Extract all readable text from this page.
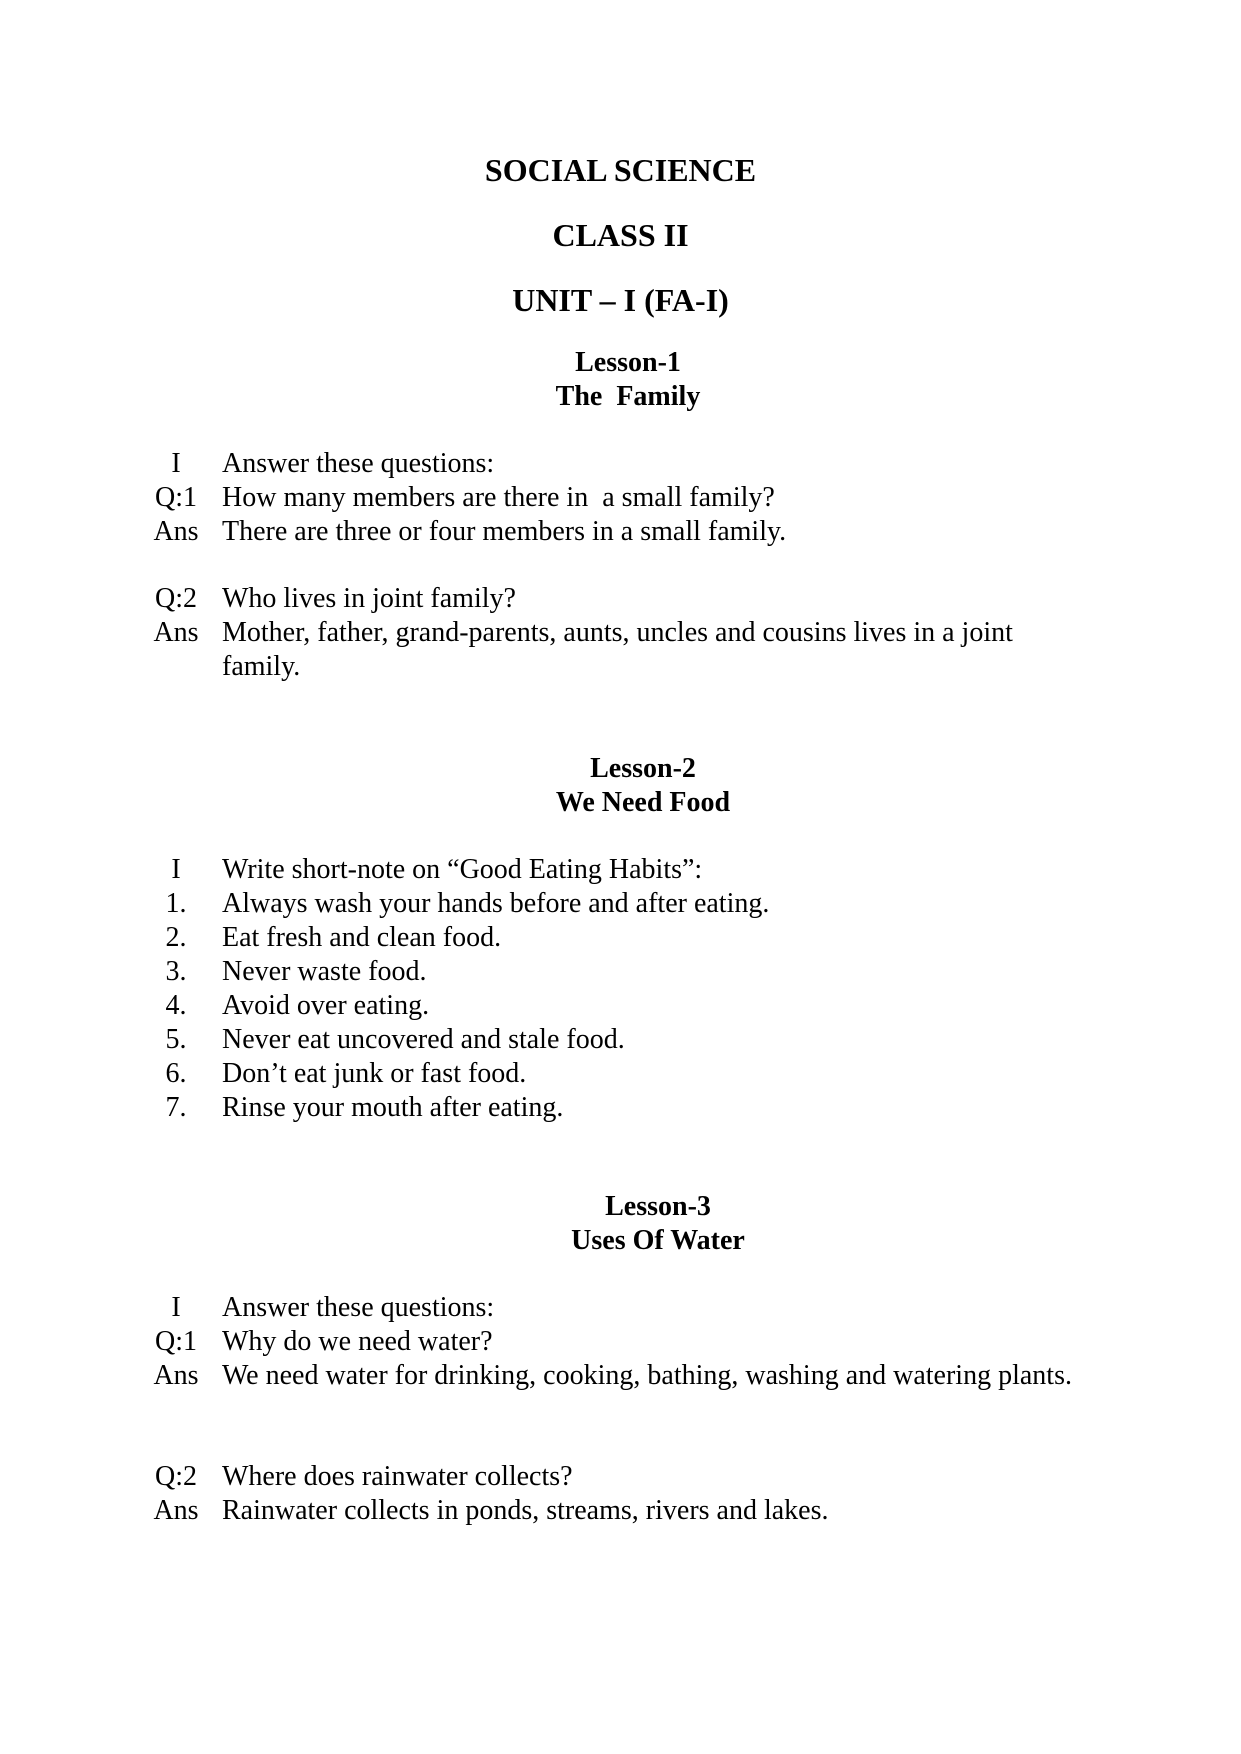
SOCIAL SCIENCE
CLASS II
UNIT – I (FA-I)
Lesson-1
The  Family
I	Answer these questions:
Q:1 How many members are there in  a small family?
Ans There are three or four members in a small family.
Q:2 Who lives in joint family?
Ans Mother, father, grand-parents, aunts, uncles and cousins lives in a joint family.
Lesson-2
We Need Food
I	Write short-note on “Good Eating Habits”:
1.	Always wash your hands before and after eating.
2.	Eat fresh and clean food.
3.	Never waste food.
4.	Avoid over eating.
5.	Never eat uncovered and stale food.
6.	Don’t eat junk or fast food.
7.	Rinse your mouth after eating.
Lesson-3
Uses Of Water
I	Answer these questions:
Q:1 Why do we need water?
Ans We need water for drinking, cooking, bathing, washing and watering plants.
Q:2 Where does rainwater collects?
Ans Rainwater collects in ponds, streams, rivers and lakes.
